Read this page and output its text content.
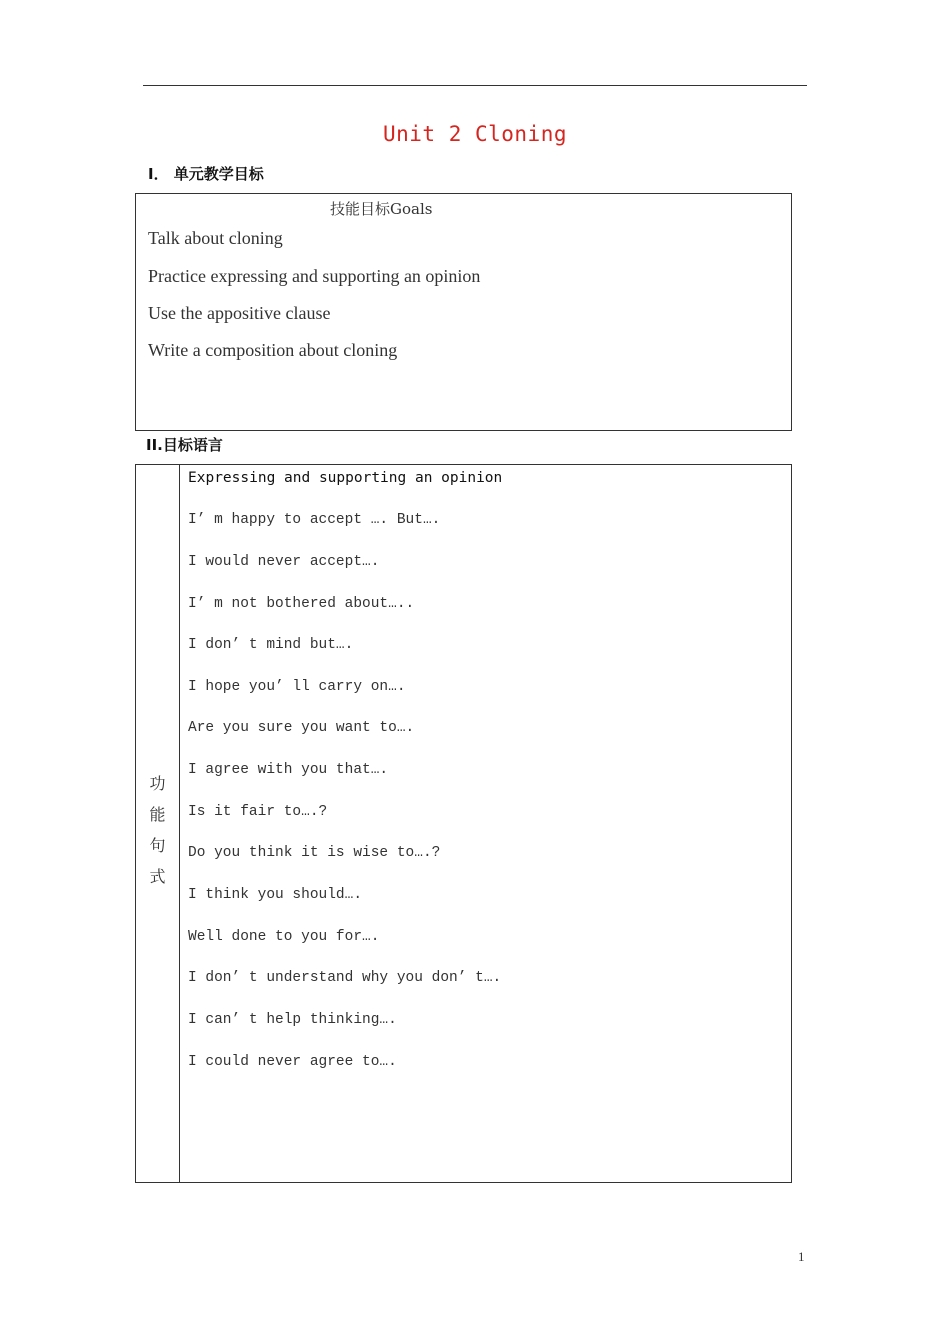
Unit 2 Cloning
I． 单元教学目标
技能目标Goals
Talk about cloning
Practice expressing and supporting an opinion
Use the appositive clause
Write a composition about cloning
II.目标语言
功
能
句
式
Expressing and supporting an opinion
I’ m happy to accept …. But….
I would never accept….
I’ m not bothered about…..
I don’ t mind but….
I hope you’ ll carry on….
Are you sure you want to….
I agree with you that….
Is it fair to….?
Do you think it is wise to….?
I think you should….
Well done to you for….
I don’ t understand why you don’ t….
I can’ t help thinking….
I could never agree to….
1
